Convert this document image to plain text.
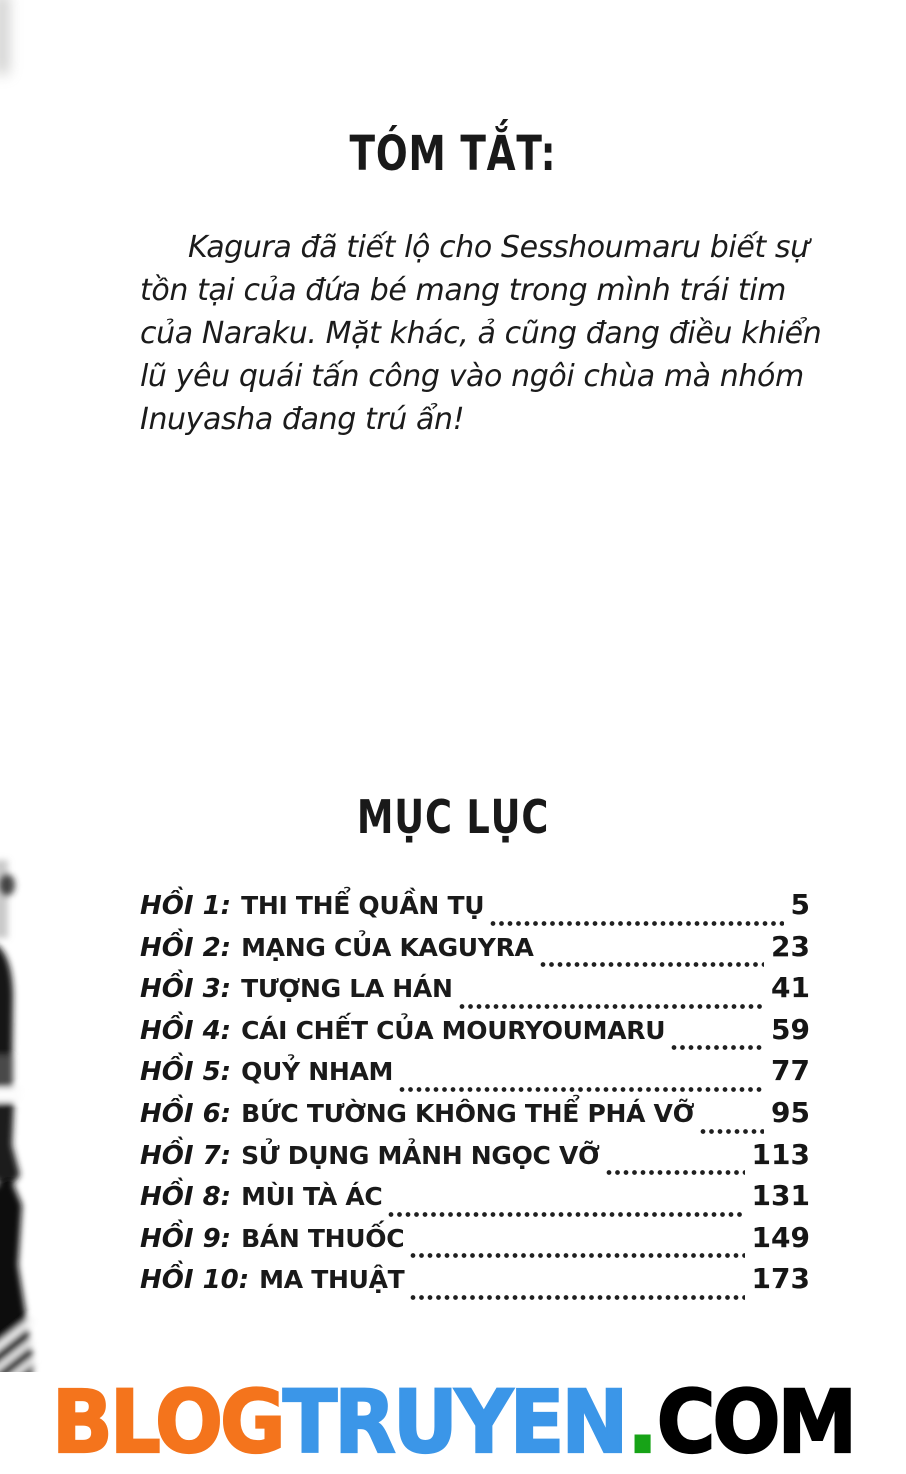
TÓM TẮT:
Kagura đã tiết lộ cho Sesshoumaru biết sự
tồn tại của đứa bé mang trong mình trái tim
của Naraku. Mặt khác, ả cũng đang điều khiển
lũ yêu quái tấn công vào ngôi chùa mà nhóm
Inuyasha đang trú ẩn!
MỤC LỤC
HỒI 1: THI THỂ QUẦN TỤ	5
HỒI 2: MẠNG CỦA KAGUYRA	23
HỒI 3: TƯỢNG LA HÁN	41
HỒI 4: CÁI CHẾT CỦA MOURYOUMARU	59
HỒI 5: QUỶ NHAM	77
HỒI 6: BỨC TƯỜNG KHÔNG THỂ PHÁ VỠ	95
HỒI 7: SỬ DỤNG MẢNH NGỌC VỠ	113
HỒI 8: MÙI TÀ ÁC	131
HỒI 9: BÁN THUỐC	149
HỒI 10: MA THUẬT	173
BLOGTRUYEN.COM
